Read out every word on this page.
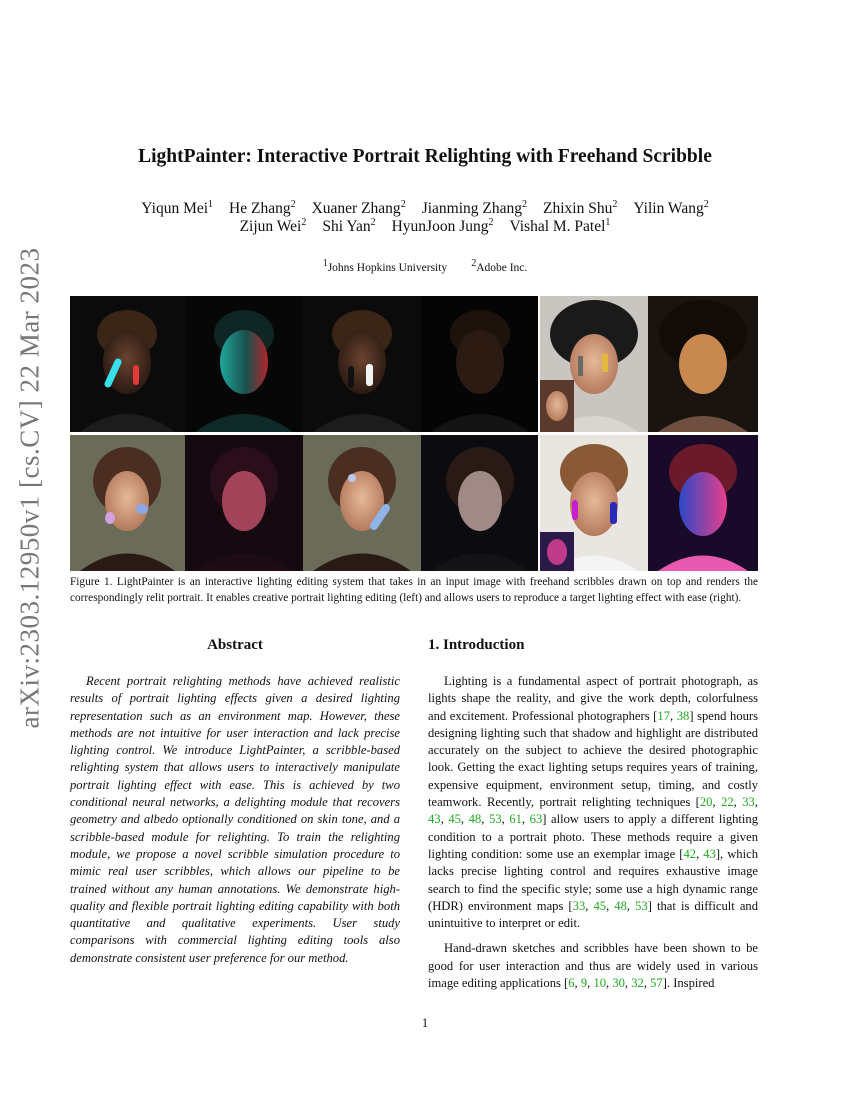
arXiv:2303.12950v1 [cs.CV] 22 Mar 2023
LightPainter: Interactive Portrait Relighting with Freehand Scribble
Yiqun Mei$^1$ He Zhang$^2$ Xuaner Zhang$^2$ Jianming Zhang$^2$ Zhixin Shu$^2$ Yilin Wang$^2$
Zijun Wei$^2$ Shi Yan$^2$ HyunJoon Jung$^2$ Vishal M. Patel$^1$
$^1$Johns Hopkins University $^2$Adobe Inc.
Figure 1. LightPainter is an interactive lighting editing system that takes in an input image with freehand scribbles drawn on top and renders the correspondingly relit portrait. It enables creative portrait lighting editing (left) and allows users to reproduce a target lighting effect with ease (right).
Abstract
Recent portrait relighting methods have achieved realistic results of portrait lighting effects given a desired lighting representation such as an environment map. However, these methods are not intuitive for user interaction and lack precise lighting control. We introduce LightPainter, a scribble-based relighting system that allows users to interactively manipulate portrait lighting effect with ease. This is achieved by two conditional neural networks, a delighting module that recovers geometry and albedo optionally conditioned on skin tone, and a scribble-based module for relighting. To train the relighting module, we propose a novel scribble simulation procedure to mimic real user scribbles, which allows our pipeline to be trained without any human annotations. We demonstrate high-quality and flexible portrait lighting editing capability with both quantitative and qualitative experiments. User study comparisons with commercial lighting editing tools also demonstrate consistent user preference for our method.
1. Introduction

Lighting is a fundamental aspect of portrait photograph, as lights shape the reality, and give the work depth, colorfulness and excitement. Professional photographers [17, 38] spend hours designing lighting such that shadow and highlight are distributed accurately on the subject to achieve the desired photographic look. Getting the exact lighting setups requires years of training, expensive equipment, environment setup, timing, and costly teamwork. Recently, portrait relighting techniques [20, 22, 33, 43, 45, 48, 53, 61, 63] allow users to apply a different lighting condition to a portrait photo. These methods require a given lighting condition: some use an exemplar image [42, 43], which lacks precise lighting control and requires exhaustive image search to find the specific style; some use a high dynamic range (HDR) environment maps [33, 45, 48, 53] that is difficult and unintuitive to interpret or edit.

Hand-drawn sketches and scribbles have been shown to be good for user interaction and thus are widely used in various image editing applications [6, 9, 10, 30, 32, 57]. Inspired

1
